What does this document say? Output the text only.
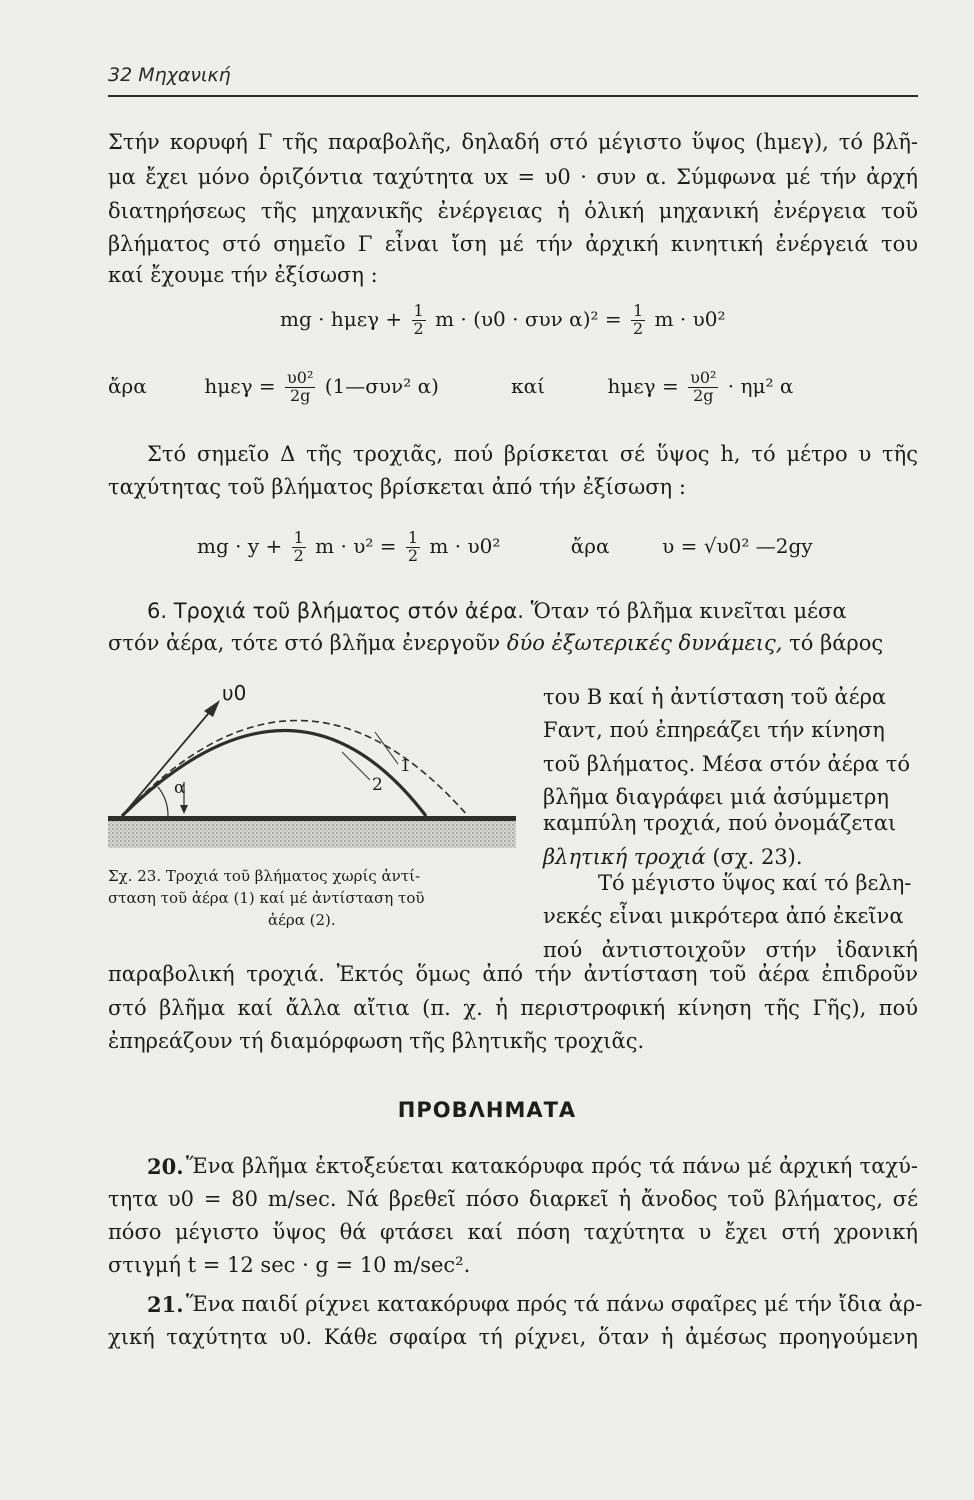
32 Μηχανική
Στήν κορυφή Γ τῆς παραβολῆς, δηλαδή στό μέγιστο ὕψος (hμεγ), τό βλῆ-
μα ἔχει μόνο ὁριζόντια ταχύτητα υx = υ0 · συν α. Σύμφωνα μέ τήν ἀρχή
διατηρήσεως τῆς μηχανικῆς ἐνέργειας ἡ ὁλική μηχανική ἐνέργεια τοῦ
βλήματος στό σημεῖο Γ εἶναι ἴση μέ τήν ἀρχική κινητική ἐνέργειά του
καί ἔχουμε τήν ἐξίσωση :
mg · $h\mu\varepsilon\gamma + \frac{1}{2}$ m · (υ0 · συν $\alpha)^2 = \frac{1}{2}$ m · υ0²
ἄρα	$h\mu\varepsilon\gamma = \frac{\text{υ0²}}{2g}$ (1—συν² α)	καί	$h\mu\varepsilon\gamma = \frac{\text{υ0²}}{2g} \cdot \eta\mu^2$ α
Στό σημεῖο Δ τῆς τροχιᾶς, πού βρίσκεται σέ ὕψος h, τό μέτρο υ τῆς
ταχύτητας τοῦ βλήματος βρίσκεται ἀπό τήν ἐξίσωση :
mg · $y + \frac{1}{2}$ $m \cdot \upsilon^2 = \frac{1}{2}$ m · υ0²	ἄρα	υ = √υ0² —2gy
6. Τροχιά τοῦ βλήματος στόν ἀέρα. Ὅταν τό βλῆμα κινεῖται μέσα
στόν ἀέρα, τότε στό βλῆμα ἐνεργοῦν δύο ἐξωτερικές δυνάμεις, τό βάρος
του Β καί ἡ ἀντίσταση τοῦ ἀέρα
Fαντ, πού ἐπηρεάζει τήν κίνηση
τοῦ βλήματος. Μέσα στόν ἀέρα τό
βλῆμα διαγράφει μιά ἀσύμμετρη
καμπύλη τροχιά, πού ὀνομάζεται
βλητική τροχιά (σχ. 23).
Τό μέγιστο ὕψος καί τό βελη-
νεκές εἶναι μικρότερα ἀπό ἐκεῖνα
πού ἀντιστοιχοῦν στήν ἰδανική
υ0
α
1
2
Σχ. 23. Τροχιά τοῦ βλήματος χωρίς ἀντί-
σταση τοῦ ἀέρα (1) καί μέ ἀντίσταση τοῦ
ἀέρα (2).
παραβολική τροχιά. Ἐκτός ὅμως ἀπό τήν ἀντίσταση τοῦ ἀέρα ἐπιδροῦν
στό βλῆμα καί ἄλλα αἴτια (π. χ. ἡ περιστροφική κίνηση τῆς Γῆς), πού
ἐπηρεάζουν τή διαμόρφωση τῆς βλητικῆς τροχιᾶς.
ΠΡΟΒΛΗΜΑΤΑ
20. Ἕνα βλῆμα ἐκτοξεύεται κατακόρυφα πρός τά πάνω μέ ἀρχική ταχύ-
τητα υ0 = 80 m/sec. Νά βρεθεῖ πόσο διαρκεῖ ἡ ἄνοδος τοῦ βλήματος, σέ
πόσο μέγιστο ὕψος θά φτάσει καί πόση ταχύτητα υ ἔχει στή χρονική
στιγμή t = 12 sec · g = 10 m/sec².
21. Ἕνα παιδί ρίχνει κατακόρυφα πρός τά πάνω σφαῖρες μέ τήν ἴδια ἀρ-
χική ταχύτητα υ0. Κάθε σφαίρα τή ρίχνει, ὅταν ἡ ἀμέσως προηγούμενη
